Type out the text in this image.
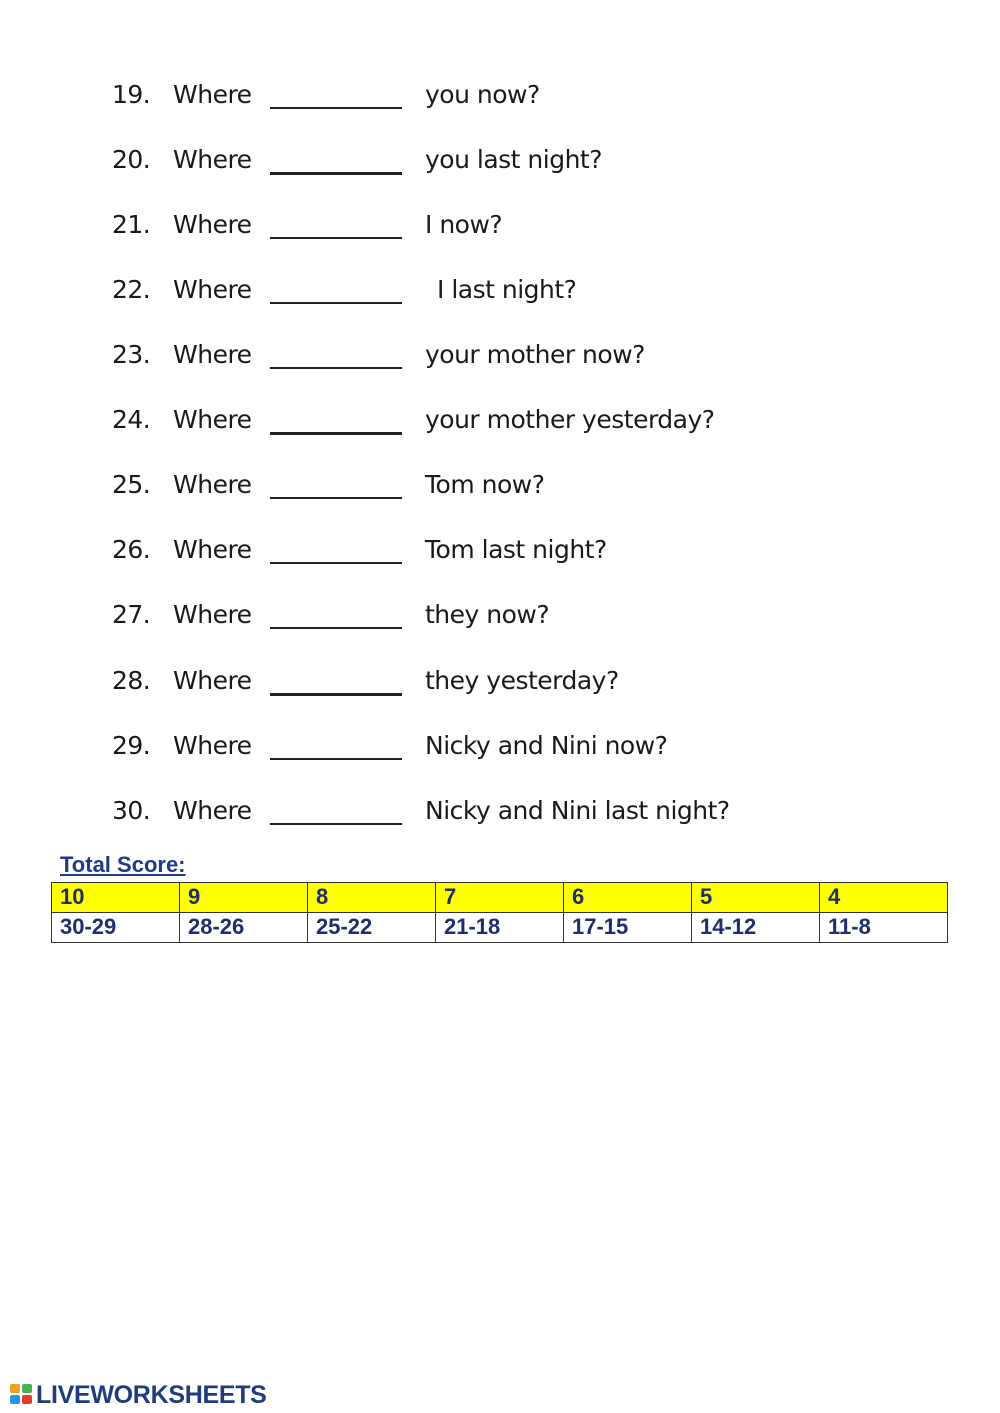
19. Where	you now?
20. Where	you last night?
21. Where	I now?
22. Where	I last night?
23. Where	your mother now?
24. Where	your mother yesterday?
25. Where	Tom now?
26. Where	Tom last night?
27. Where	they now?
28. Where	they yesterday?
29. Where	Nicky and Nini now?
30. Where	Nicky and Nini last night?
Total Score:
10	9	8	7	6	5	4
30-29	28-26	25-22	21-18	17-15	14-12	11-8
LIVEWORKSHEETS
